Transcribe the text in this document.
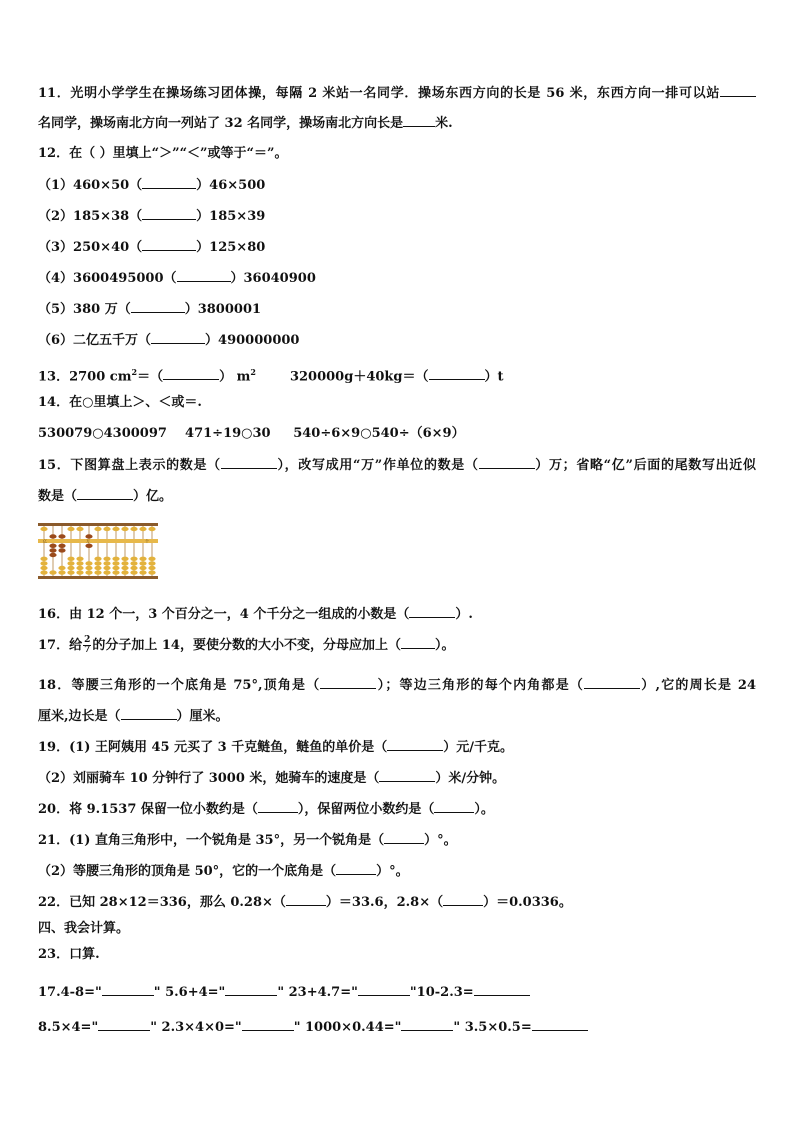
11．光明小学学生在操场练习团体操，每隔 2 米站一名同学．操场东西方向的长是 56 米，东西方向一排可以站
名同学，操场南北方向一列站了 32 名同学，操场南北方向长是 米.
12．在（ ）里填上“＞”“＜”或等于“＝”。
（1）460×50（	）46×500
（2）185×38（	）185×39
（3）250×40（	）125×80
（4）3600495000（	）36040900
（5）380 万（	）3800001
（6）二亿五千万（	）490000000
13．2700 $cm^2=$（	） $m^2$	320000g＋40kg＝（	）t
14．在○里填上＞、＜或＝.
530079○4300097    471÷19○30     540÷6×9○540÷（6×9）
15．下图算盘上表示的数是（	），改写成用“万”作单位的数是（	）万；省略“亿”后面的尾数写出近似
数是（	）亿。
亿	万	个
16．由 12 个一，3 个百分之一，4 个千分之一组成的小数是（	）.
17．给 $\frac{2}{7}$ 的分子加上 14，要使分数的大小不变，分母应加上（	）。
18．等腰三角形的一个底角是 75°,顶角是（	）；等边三角形的每个内角都是（	）,它的周长是 24
厘米,边长是（	）厘米。
19．(1) 王阿姨用 45 元买了 3 千克鲢鱼，鲢鱼的单价是（	）元/千克。
（2）刘丽骑车 10 分钟行了 3000 米，她骑车的速度是（	）米/分钟。
20．将 9.1537 保留一位小数约是（	），保留两位小数约是（	）。
21．(1) 直角三角形中，一个锐角是 35°，另一个锐角是（	）°。
（2）等腰三角形的顶角是 50°，它的一个底角是（	）°。
22．已知 28×12＝336，那么 0.28×（	）＝33.6，2.8×（	）＝0.0336。
四、我会计算。
23．口算.
17.4-8="	" 5.6+4="	" 23+4.7="	"10-2.3=
8.5×4="	" 2.3×4×0="	" 1000×0.44="	" 3.5×0.5=
